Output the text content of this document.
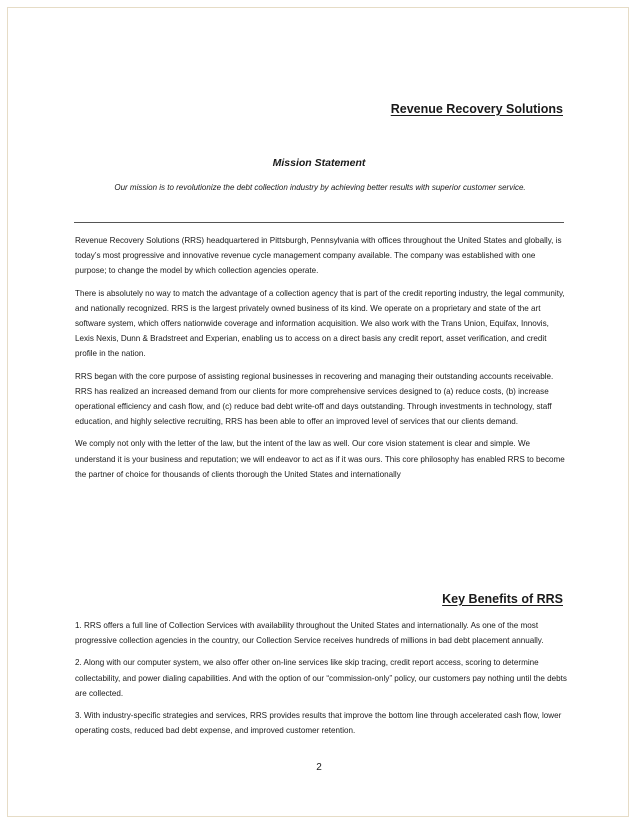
Revenue Recovery Solutions
Mission Statement
Our mission is to revolutionize the debt collection industry by achieving better results with superior customer service.

Revenue Recovery Solutions (RRS) headquartered in Pittsburgh, Pennsylvania with offices throughout the United States and globally, is today’s most progressive and innovative revenue cycle management company available. The company was established with one purpose; to change the model by which collection agencies operate.

There is absolutely no way to match the advantage of a collection agency that is part of the credit reporting industry, the legal community, and nationally recognized. RRS is the largest privately owned business of its kind. We operate on a proprietary and state of the art software system, which offers nationwide coverage and information acquisition. We also work with the Trans Union, Equifax, Innovis, Lexis Nexis, Dunn & Bradstreet and Experian, enabling us to access on a direct basis any credit report, asset verification, and credit profile in the nation.

RRS began with the core purpose of assisting regional businesses in recovering and managing their outstanding accounts receivable. RRS has realized an increased demand from our clients for more comprehensive services designed to (a) reduce costs, (b) increase operational efficiency and cash flow, and (c) reduce bad debt write-off and days outstanding. Through investments in technology, staff education, and highly selective recruiting, RRS has been able to offer an improved level of services that our clients demand.

We comply not only with the letter of the law, but the intent of the law as well. Our core vision statement is clear and simple. We understand it is your business and reputation; we will endeavor to act as if it was ours. This core philosophy has enabled RRS to become the partner of choice for thousands of clients thorough the United States and internationally

Key Benefits of RRS

1. RRS offers a full line of Collection Services with availability throughout the United States and internationally. As one of the most progressive collection agencies in the country, our Collection Service receives hundreds of millions in bad debt placement annually.

2. Along with our computer system, we also offer other on-line services like skip tracing, credit report access, scoring to determine collectability, and power dialing capabilities. And with the option of our “commission-only” policy, our customers pay nothing until the debts are collected.

3. With industry-specific strategies and services, RRS provides results that improve the bottom line through accelerated cash flow, lower operating costs, reduced bad debt expense, and improved customer retention.

2
